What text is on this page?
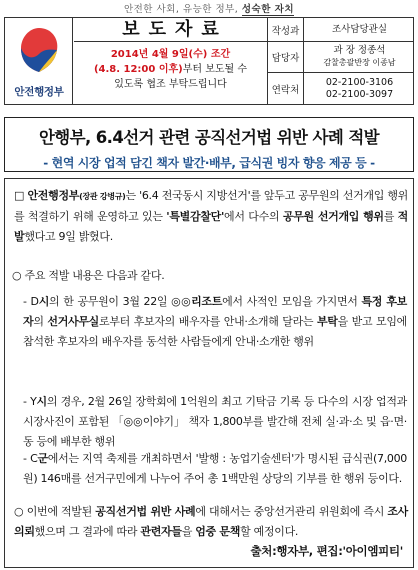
안전한 사회, 유능한 정부, 성숙한 자치
안전행정부
보도자료
2014년 4월 9일(수) 조간
(4.8. 12:00 이후)부터 보도될 수
있도록 협조 부탁드립니다
작성과	조사담당관실
담당자
과 장 정종석
감찰총괄반장 이종남
연락처
02-2100-3106
02-2100-3097
안행부, 6.4선거 관련 공직선거법 위반 사례 적발
- 현역 시장 업적 담긴 책자 발간·배부, 급식권 빙자 향응 제공 등 -
□ 안전행정부(장관 강병규)는 '6.4 전국동시 지방선거'를 앞두고 공무원의 선거개입 행위를 척결하기 위해 운영하고 있는 '특별감찰단'에서 다수의 공무원 선거개입 행위를 적발했다고 9일 밝혔다.
○ 주요 적발 내용은 다음과 같다.
- D시의 한 공무원이 3월 22일 ◎◎리조트에서 사적인 모임을 가지면서 특정 후보자의 선거사무실로부터 후보자의 배우자를 안내·소개해 달라는 부탁을 받고 모임에 참석한 후보자의 배우자를 동석한 사람들에게 안내·소개한 행위
- Y시의 경우, 2월 26일 장학회에 1억원의 최고 기탁금 기록 등 다수의 시장 업적과 시장사진이 포함된 「◎◎이야기」 책자 1,800부를 발간해 전체 실·과·소 및 읍·면·동 등에 배부한 행위
- C군에서는 지역 축제를 개최하면서 '발행 : 농업기술센터'가 명시된 급식권(7,000원) 146매를 선거구민에게 나누어 주어 총 1백만원 상당의 기부를 한 행위 등이다.
○ 이번에 적발된 공직선거법 위반 사례에 대해서는 중앙선거관리 위원회에 즉시 조사의뢰했으며 그 결과에 따라 관련자들을 엄중 문책할 예정이다.
출처:행자부, 편집:'아이엠피티'
